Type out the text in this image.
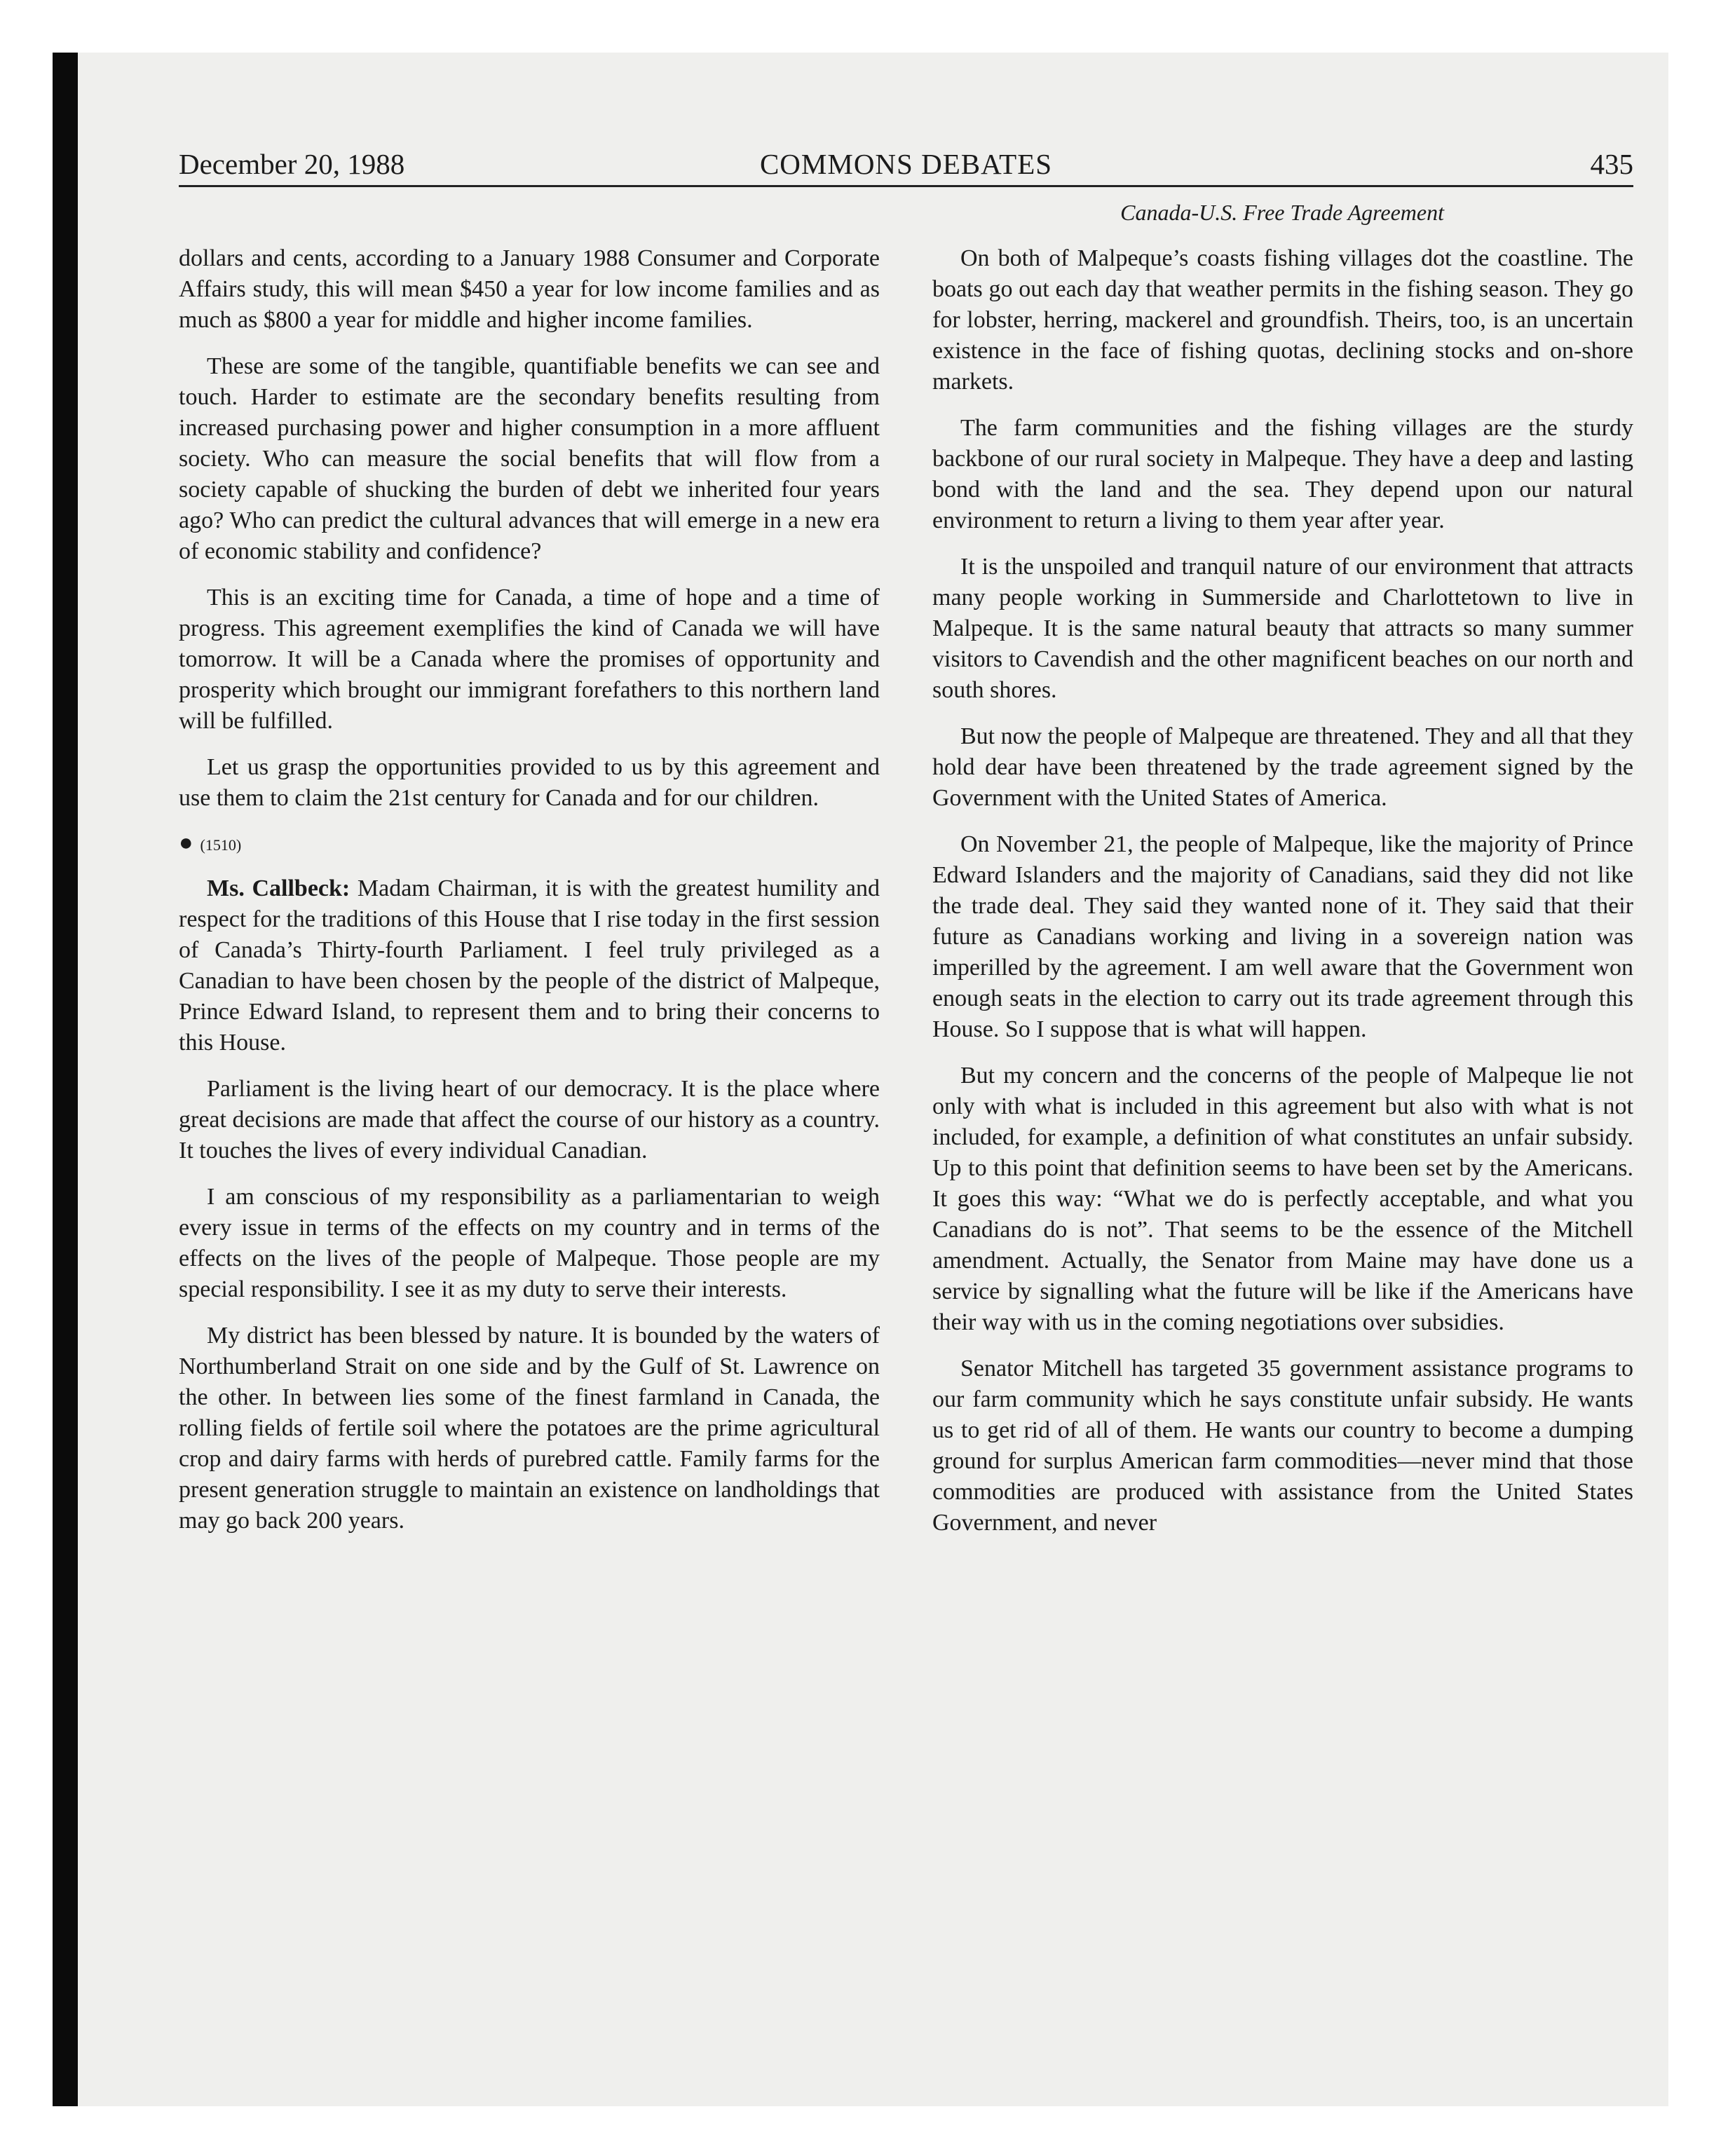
December 20, 1988	COMMONS DEBATES	435
Canada-U.S. Free Trade Agreement

dollars and cents, according to a January 1988 Consumer and Corporate Affairs study, this will mean $450 a year for low income families and as much as $800 a year for middle and higher income families.

These are some of the tangible, quantifiable benefits we can see and touch. Harder to estimate are the secondary benefits resulting from increased purchasing power and higher consumption in a more affluent society. Who can measure the social benefits that will flow from a society capable of shucking the burden of debt we inherited four years ago? Who can predict the cultural advances that will emerge in a new era of economic stability and confidence?

This is an exciting time for Canada, a time of hope and a time of progress. This agreement exemplifies the kind of Canada we will have tomorrow. It will be a Canada where the promises of opportunity and prosperity which brought our immigrant forefathers to this northern land will be fulfilled.

Let us grasp the opportunities provided to us by this agreement and use them to claim the 21st century for Canada and for our children.

● (1510)

Ms. Callbeck: Madam Chairman, it is with the greatest humility and respect for the traditions of this House that I rise today in the first session of Canada’s Thirty-fourth Parliament. I feel truly privileged as a Canadian to have been chosen by the people of the district of Malpeque, Prince Edward Island, to represent them and to bring their concerns to this House.

Parliament is the living heart of our democracy. It is the place where great decisions are made that affect the course of our history as a country. It touches the lives of every individual Canadian.

I am conscious of my responsibility as a parliamentarian to weigh every issue in terms of the effects on my country and in terms of the effects on the lives of the people of Malpeque. Those people are my special responsibility. I see it as my duty to serve their interests.

My district has been blessed by nature. It is bounded by the waters of Northumberland Strait on one side and by the Gulf of St. Lawrence on the other. In between lies some of the finest farmland in Canada, the rolling fields of fertile soil where the potatoes are the prime agricultural crop and dairy farms with herds of purebred cattle. Family farms for the present generation struggle to maintain an existence on landholdings that may go back 200 years.

On both of Malpeque’s coasts fishing villages dot the coastline. The boats go out each day that weather permits in the fishing season. They go for lobster, herring, mackerel and groundfish. Theirs, too, is an uncertain existence in the face of fishing quotas, declining stocks and on-shore markets.

The farm communities and the fishing villages are the sturdy backbone of our rural society in Malpeque. They have a deep and lasting bond with the land and the sea. They depend upon our natural environment to return a living to them year after year.

It is the unspoiled and tranquil nature of our environment that attracts many people working in Summerside and Charlottetown to live in Malpeque. It is the same natural beauty that attracts so many summer visitors to Cavendish and the other magnificent beaches on our north and south shores.

But now the people of Malpeque are threatened. They and all that they hold dear have been threatened by the trade agreement signed by the Government with the United States of America.

On November 21, the people of Malpeque, like the majority of Prince Edward Islanders and the majority of Canadians, said they did not like the trade deal. They said they wanted none of it. They said that their future as Canadians working and living in a sovereign nation was imperilled by the agreement. I am well aware that the Government won enough seats in the election to carry out its trade agreement through this House. So I suppose that is what will happen.

But my concern and the concerns of the people of Malpeque lie not only with what is included in this agreement but also with what is not included, for example, a definition of what constitutes an unfair subsidy. Up to this point that definition seems to have been set by the Americans. It goes this way: “What we do is perfectly acceptable, and what you Canadians do is not”. That seems to be the essence of the Mitchell amendment. Actually, the Senator from Maine may have done us a service by signalling what the future will be like if the Americans have their way with us in the coming negotiations over subsidies.

Senator Mitchell has targeted 35 government assistance programs to our farm community which he says constitute unfair subsidy. He wants us to get rid of all of them. He wants our country to become a dumping ground for surplus American farm commodities—never mind that those commodities are produced with assistance from the United States Government, and never
